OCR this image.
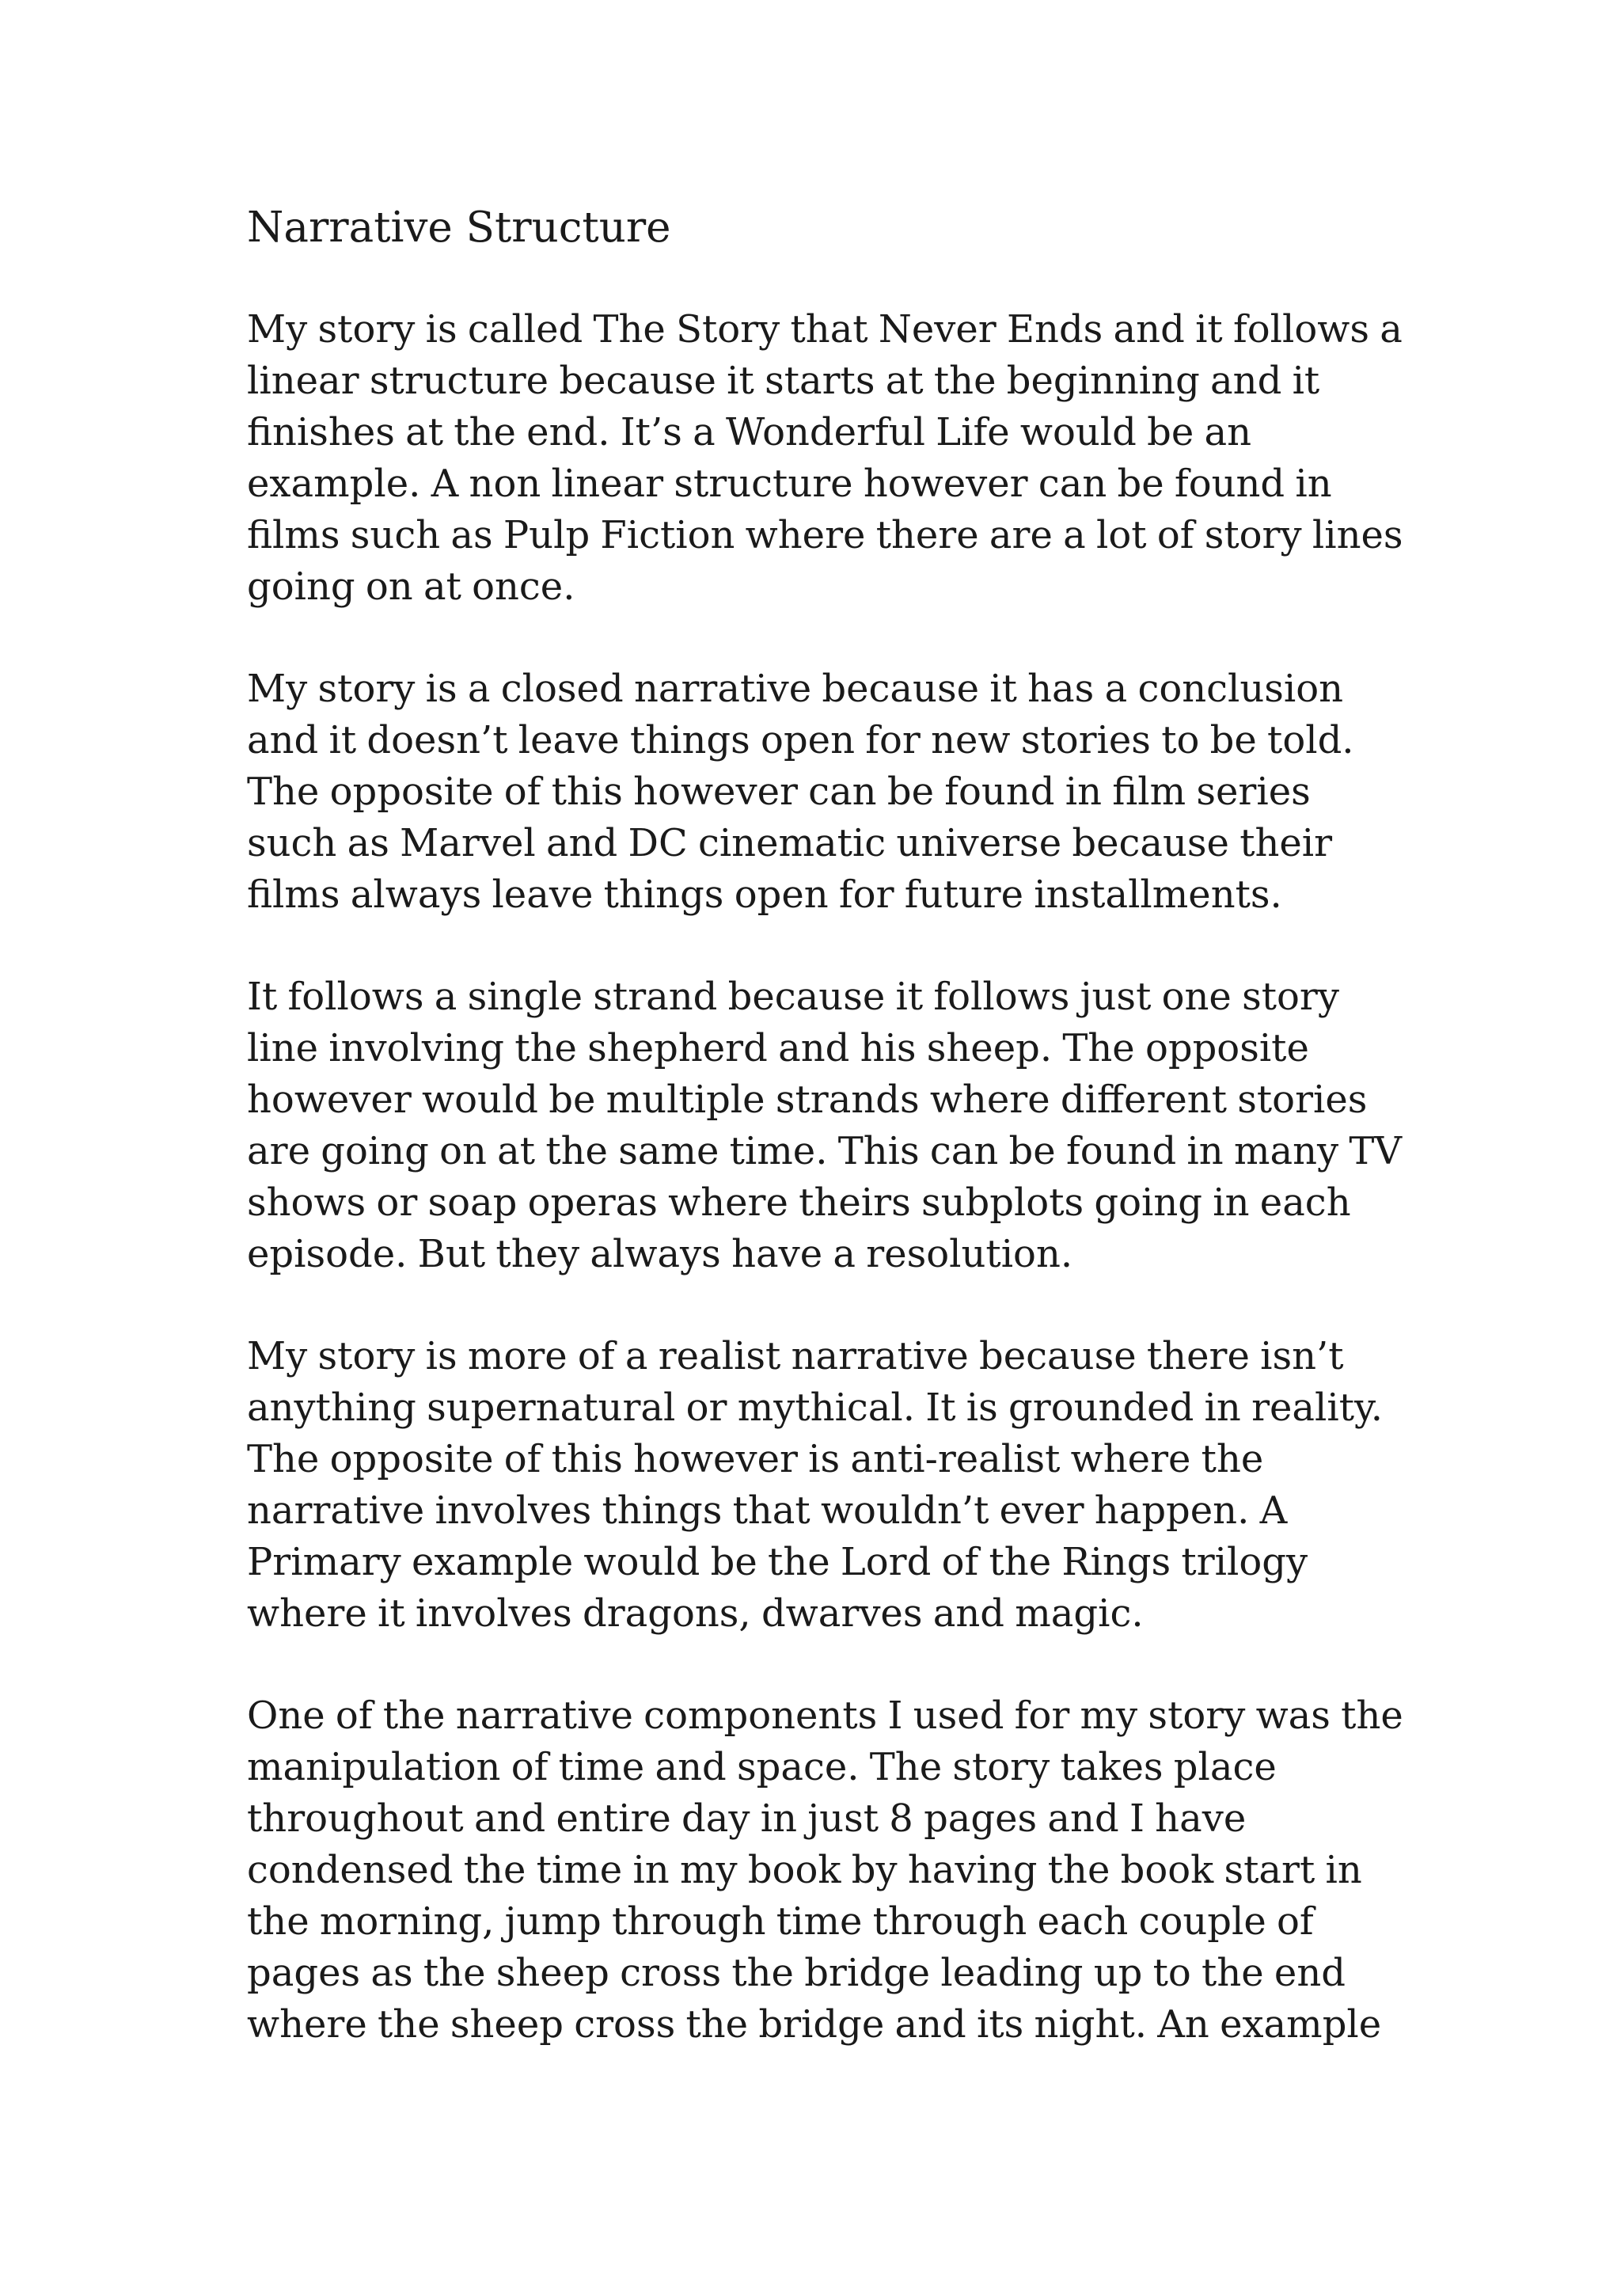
Narrative Structure
My story is called The Story that Never Ends and it follows a
linear structure because it starts at the beginning and it
finishes at the end. It’s a Wonderful Life would be an
example. A non linear structure however can be found in
films such as Pulp Fiction where there are a lot of story lines
going on at once.
My story is a closed narrative because it has a conclusion
and it doesn’t leave things open for new stories to be told.
The opposite of this however can be found in film series
such as Marvel and DC cinematic universe because their
films always leave things open for future installments.
It follows a single strand because it follows just one story
line involving the shepherd and his sheep. The opposite
however would be multiple strands where different stories
are going on at the same time. This can be found in many TV
shows or soap operas where theirs subplots going in each
episode. But they always have a resolution.
My story is more of a realist narrative because there isn’t
anything supernatural or mythical. It is grounded in reality.
The opposite of this however is anti-realist where the
narrative involves things that wouldn’t ever happen. A
Primary example would be the Lord of the Rings trilogy
where it involves dragons, dwarves and magic.
One of the narrative components I used for my story was the
manipulation of time and space. The story takes place
throughout and entire day in just 8 pages and I have
condensed the time in my book by having the book start in
the morning, jump through time through each couple of
pages as the sheep cross the bridge leading up to the end
where the sheep cross the bridge and its night. An example
